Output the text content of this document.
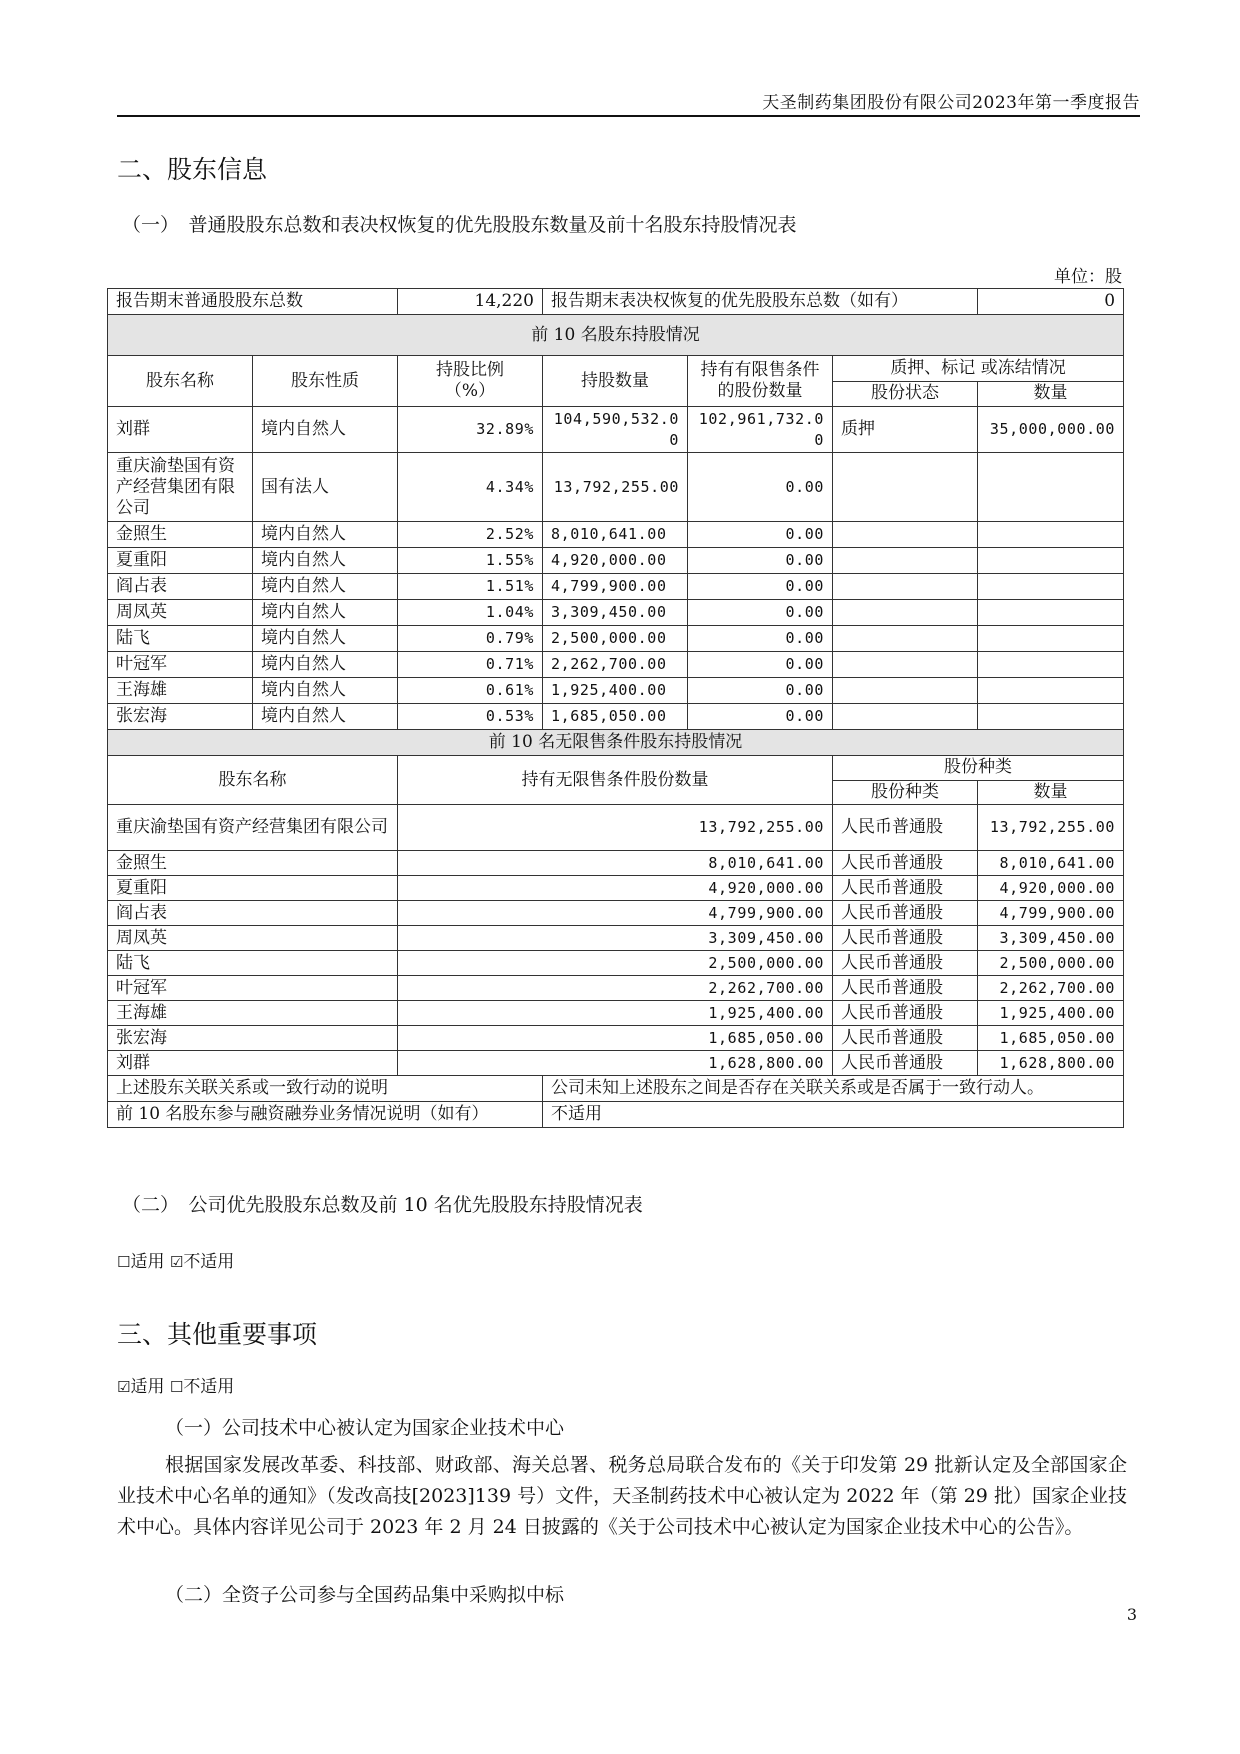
天圣制药集团股份有限公司2023年第一季度报告
二、股东信息
（一）　普通股股东总数和表决权恢复的优先股股东数量及前十名股东持股情况表
单位：股
报告期末普通股股东总数		14,220	报告期末表决权恢复的优先股股东总数（如有）			0
前 10 名股东持股情况						
股东名称	股东性质	持股比例（%）	持股数量	持有有限售条件的股份数量	质押、标记 或冻结情况	
					股份状态	数量
刘群	境内自然人	32.89%	104,590,532.00	102,961,732.00	质押	35,000,000.00
重庆渝垫国有资产经营集团有限公司	国有法人	4.34%	13,792,255.00	0.00		
金照生	境内自然人	2.52%	8,010,641.00	0.00		
夏重阳	境内自然人	1.55%	4,920,000.00	0.00		
阎占表	境内自然人	1.51%	4,799,900.00	0.00		
周凤英	境内自然人	1.04%	3,309,450.00	0.00		
陆飞	境内自然人	0.79%	2,500,000.00	0.00		
叶冠军	境内自然人	0.71%	2,262,700.00	0.00		
王海雄	境内自然人	0.61%	1,925,400.00	0.00		
张宏海	境内自然人	0.53%	1,685,050.00	0.00		
前 10 名无限售条件股东持股情况						
股东名称		持有无限售条件股份数量			股份种类	
					股份种类	数量
重庆渝垫国有资产经营集团有限公司		13,792,255.00			人民币普通股	13,792,255.00
金照生		8,010,641.00			人民币普通股	8,010,641.00
夏重阳		4,920,000.00			人民币普通股	4,920,000.00
阎占表		4,799,900.00			人民币普通股	4,799,900.00
周凤英		3,309,450.00			人民币普通股	3,309,450.00
陆飞		2,500,000.00			人民币普通股	2,500,000.00
叶冠军		2,262,700.00			人民币普通股	2,262,700.00
王海雄		1,925,400.00			人民币普通股	1,925,400.00
张宏海		1,685,050.00			人民币普通股	1,685,050.00
刘群		1,628,800.00			人民币普通股	1,628,800.00
上述股东关联关系或一致行动的说明			公司未知上述股东之间是否存在关联关系或是否属于一致行动人。			
前 10 名股东参与融资融券业务情况说明（如有）			不适用			
（二）　公司优先股股东总数及前 10 名优先股股东持股情况表
☐适用 ☑不适用
三、其他重要事项
☑适用 ☐不适用
（一）公司技术中心被认定为国家企业技术中心
根据国家发展改革委、科技部、财政部、海关总署、税务总局联合发布的《关于印发第 29 批新认定及全部国家企业技术中心名单的通知》（发改高技[2023]139 号）文件，天圣制药技术中心被认定为 2022 年（第 29 批）国家企业技术中心。具体内容详见公司于 2023 年 2 月 24 日披露的《关于公司技术中心被认定为国家企业技术中心的公告》。
（二）全资子公司参与全国药品集中采购拟中标
3
